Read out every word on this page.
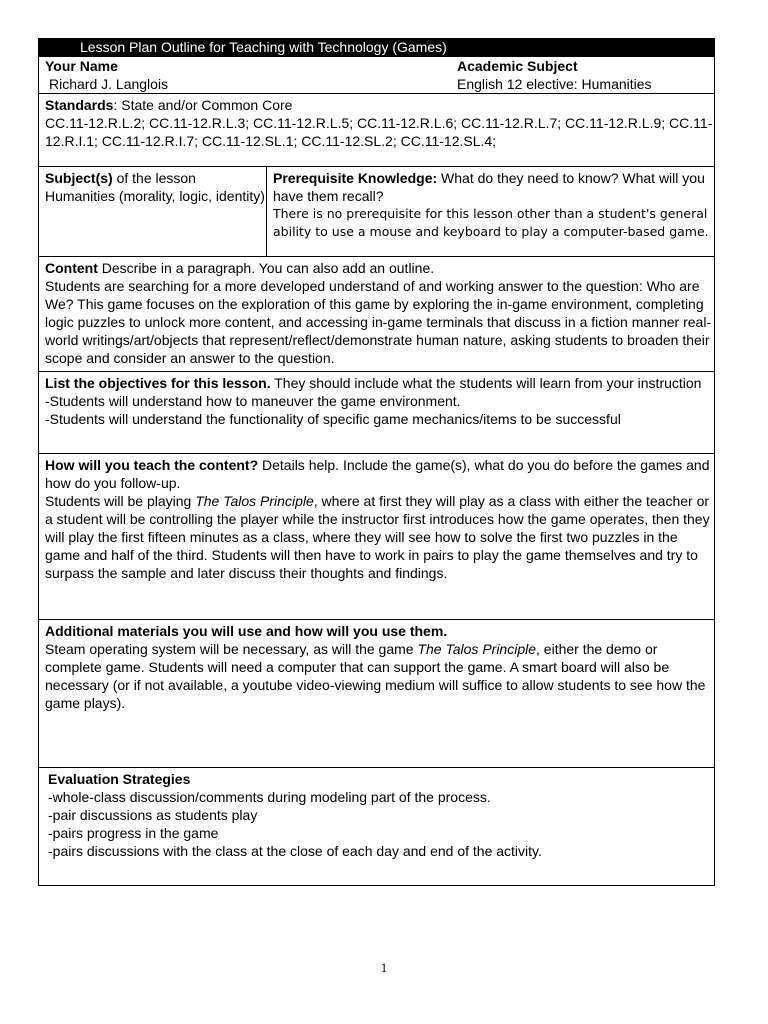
Lesson Plan Outline for Teaching with Technology (Games)
Your Name
Richard J. Langlois
Academic Subject
English 12 elective: Humanities
Standards: State and/or Common Core
CC.11-12.R.L.2; CC.11-12.R.L.3; CC.11-12.R.L.5; CC.11-12.R.L.6; CC.11-12.R.L.7; CC.11-12.R.L.9; CC.11-12.R.I.1; CC.11-12.R.I.7; CC.11-12.SL.1; CC.11-12.SL.2; CC.11-12.SL.4;
Subject(s) of the lesson
Humanities (morality, logic, identity)
Prerequisite Knowledge: What do they need to know? What will you have them recall?
There is no prerequisite for this lesson other than a student's general ability to use a mouse and keyboard to play a computer-based game.
Content Describe in a paragraph. You can also add an outline.
Students are searching for a more developed understand of and working answer to the question: Who are We? This game focuses on the exploration of this game by exploring the in-game environment, completing logic puzzles to unlock more content, and accessing in-game terminals that discuss in a fiction manner real-world writings/art/objects that represent/reflect/demonstrate human nature, asking students to broaden their scope and consider an answer to the question.
List the objectives for this lesson. They should include what the students will learn from your instruction
-Students will understand how to maneuver the game environment.
-Students will understand the functionality of specific game mechanics/items to be successful
How will you teach the content? Details help. Include the game(s), what do you do before the games and how do you follow-up.
Students will be playing The Talos Principle, where at first they will play as a class with either the teacher or a student will be controlling the player while the instructor first introduces how the game operates, then they will play the first fifteen minutes as a class, where they will see how to solve the first two puzzles in the game and half of the third. Students will then have to work in pairs to play the game themselves and try to surpass the sample and later discuss their thoughts and findings.
Additional materials you will use and how will you use them.
Steam operating system will be necessary, as will the game The Talos Principle, either the demo or complete game. Students will need a computer that can support the game. A smart board will also be necessary (or if not available, a youtube video-viewing medium will suffice to allow students to see how the game plays).
Evaluation Strategies
-whole-class discussion/comments during modeling part of the process.
-pair discussions as students play
-pairs progress in the game
-pairs discussions with the class at the close of each day and end of the activity.
1
